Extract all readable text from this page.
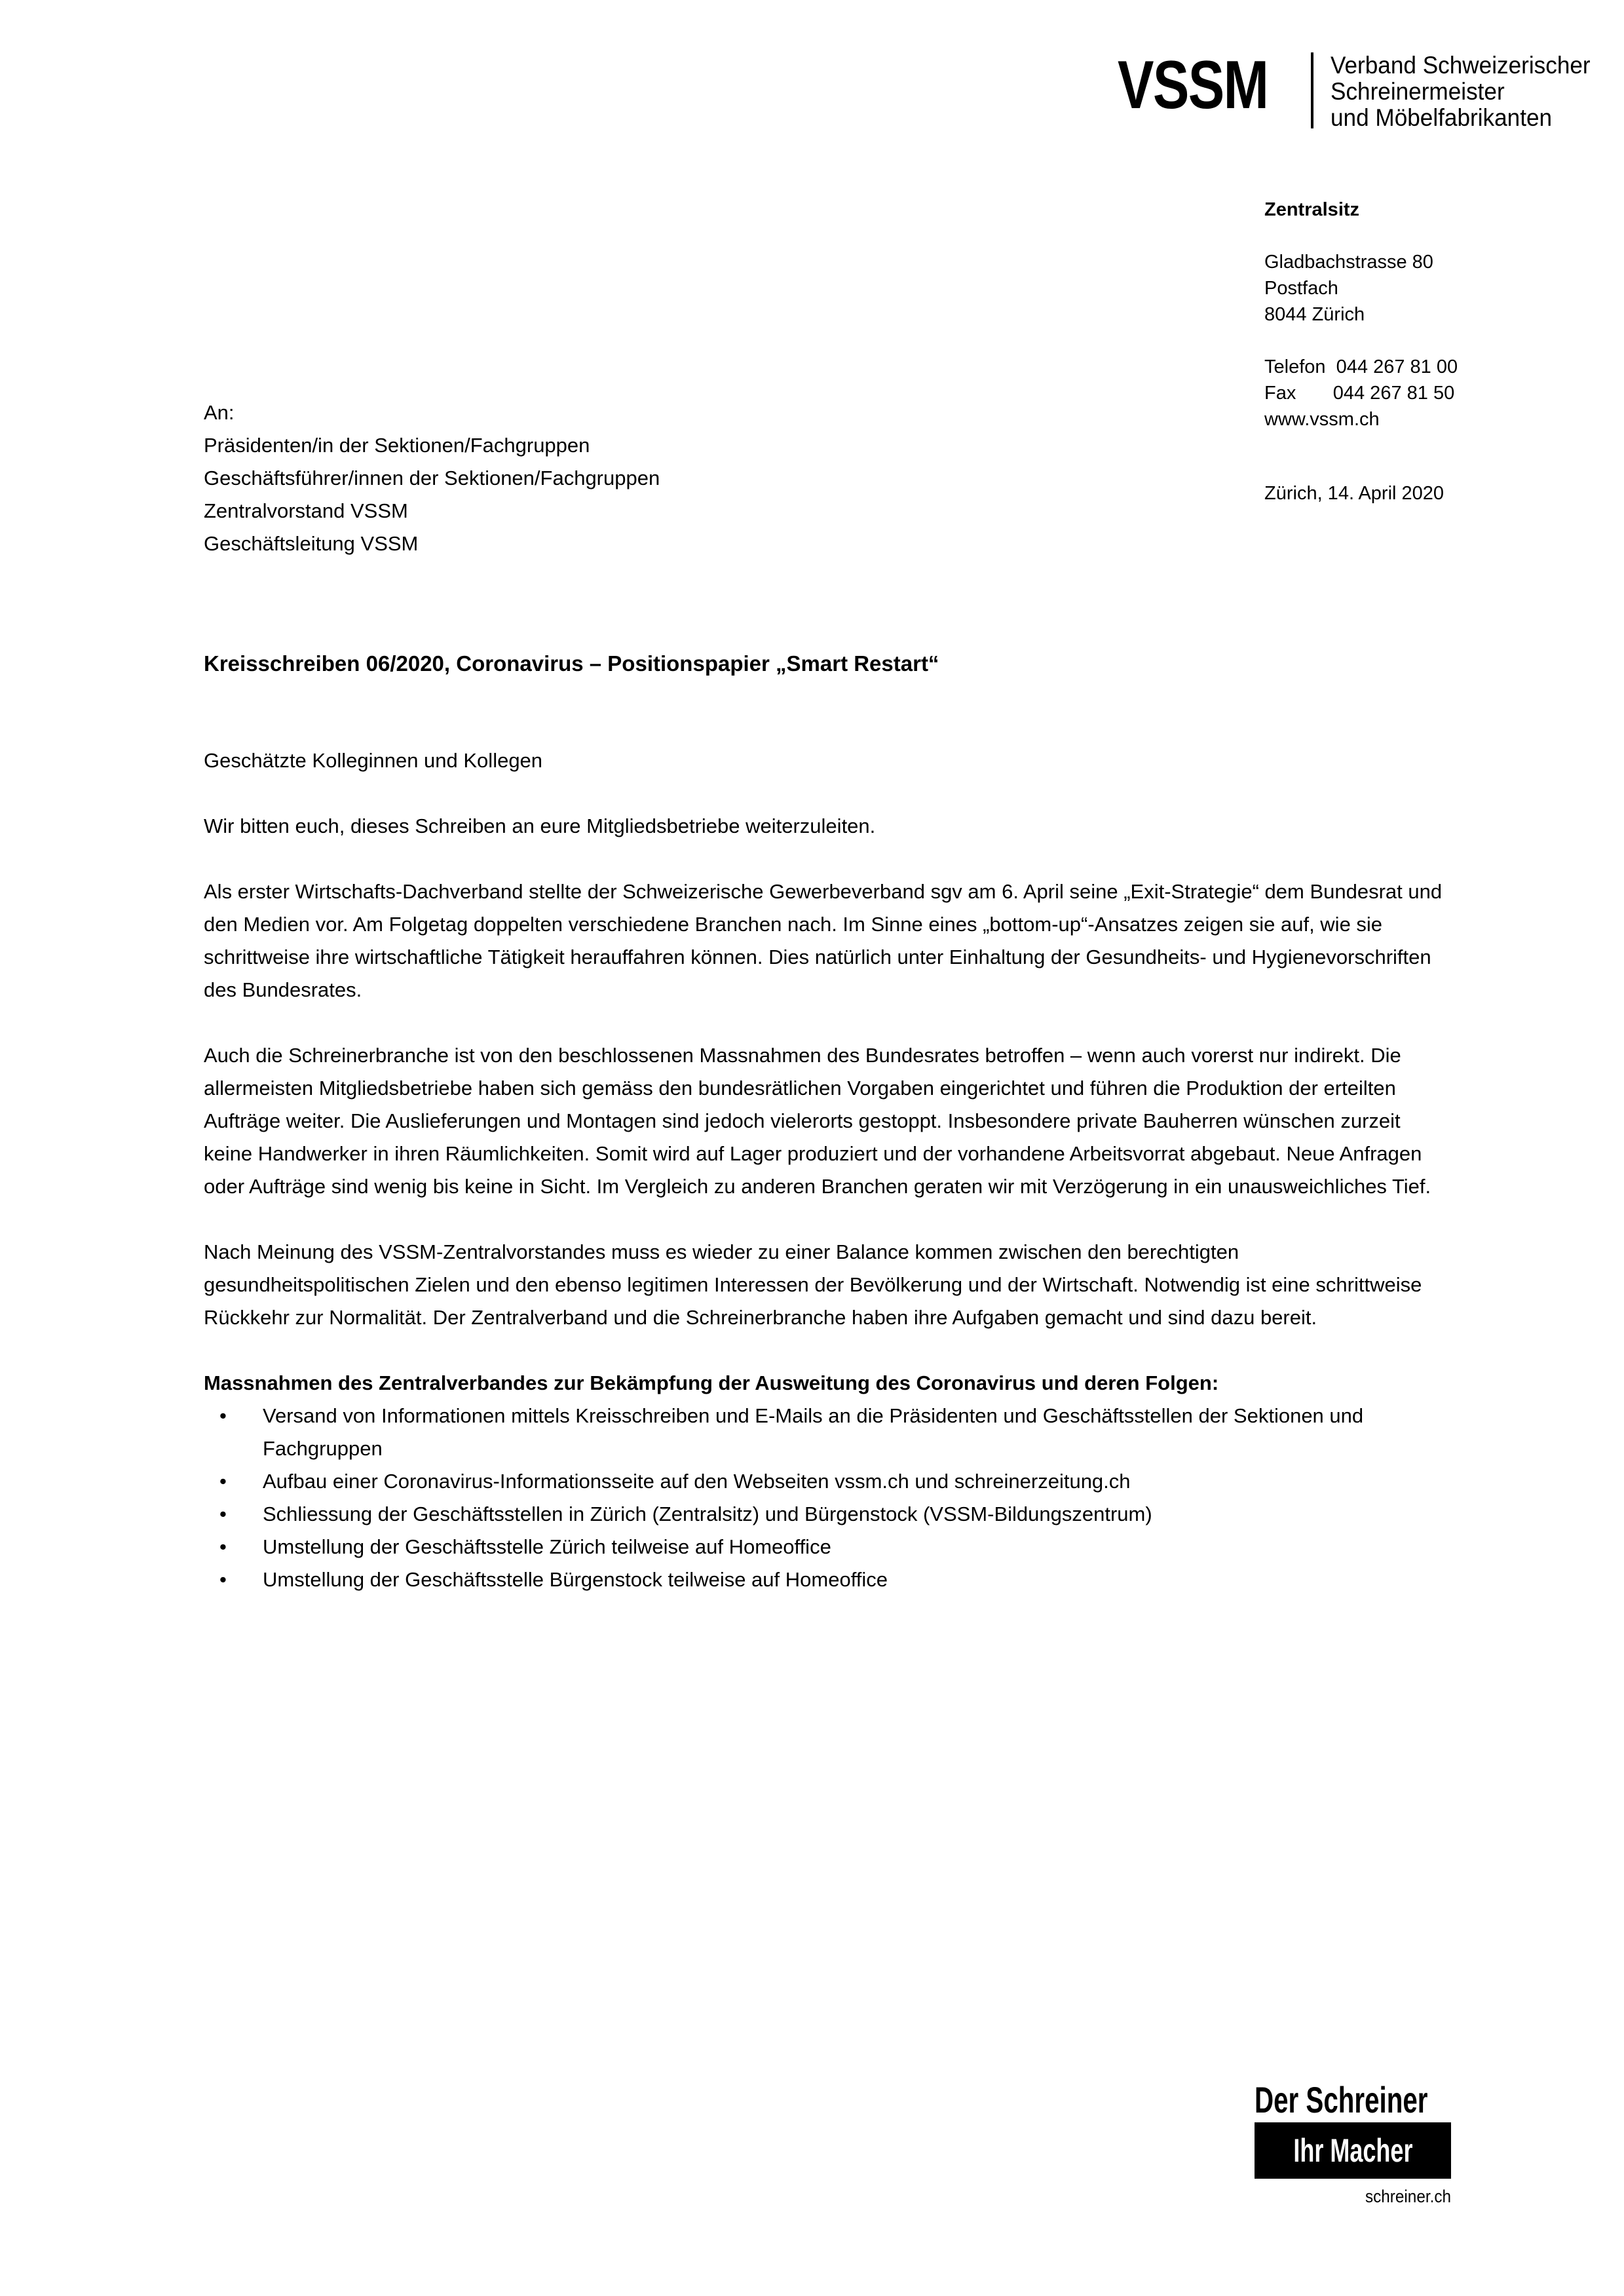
VSSM	Verband Schweizerischer
Schreinermeister
und Möbelfabrikanten
Zentralsitz
Gladbachstrasse 80
Postfach
8044 Zürich
Telefon  044 267 81 00
Fax       044 267 81 50
www.vssm.ch
Zürich, 14. April 2020
An:
Präsidenten/in der Sektionen/Fachgruppen
Geschäftsführer/innen der Sektionen/Fachgruppen
Zentralvorstand VSSM
Geschäftsleitung VSSM

Kreisschreiben 06/2020, Coronavirus – Positionspapier „Smart Restart“

Geschätzte Kolleginnen und Kollegen

Wir bitten euch, dieses Schreiben an eure Mitgliedsbetriebe weiterzuleiten.

Als erster Wirtschafts-Dachverband stellte der Schweizerische Gewerbeverband sgv am 6. April seine „Exit-Strategie“ dem Bundesrat und den Medien vor. Am Folgetag doppelten verschiedene Branchen nach. Im Sinne eines „bottom-up“-Ansatzes zeigen sie auf, wie sie schrittweise ihre wirtschaftliche Tätigkeit herauffahren können. Dies natürlich unter Einhaltung der Gesundheits- und Hygienevorschriften des Bundesrates.

Auch die Schreinerbranche ist von den beschlossenen Massnahmen des Bundesrates betroffen – wenn auch vorerst nur indirekt. Die allermeisten Mitgliedsbetriebe haben sich gemäss den bundesrätlichen Vorgaben eingerichtet und führen die Produktion der erteilten Aufträge weiter. Die Auslieferungen und Montagen sind jedoch vielerorts gestoppt. Insbesondere private Bauherren wünschen zurzeit keine Handwerker in ihren Räumlichkeiten. Somit wird auf Lager produziert und der vorhandene Arbeitsvorrat abgebaut. Neue Anfragen oder Aufträge sind wenig bis keine in Sicht. Im Vergleich zu anderen Branchen geraten wir mit Verzögerung in ein unausweichliches Tief.

Nach Meinung des VSSM-Zentralvorstandes muss es wieder zu einer Balance kommen zwischen den berechtigten gesundheitspolitischen Zielen und den ebenso legitimen Interessen der Bevölkerung und der Wirtschaft. Notwendig ist eine schrittweise Rückkehr zur Normalität. Der Zentralverband und die Schreinerbranche haben ihre Aufgaben gemacht und sind dazu bereit.

Massnahmen des Zentralverbandes zur Bekämpfung der Ausweitung des Coronavirus und deren Folgen:

• Versand von Informationen mittels Kreisschreiben und E-Mails an die Präsidenten und Geschäftsstellen der Sektionen und Fachgruppen
• Aufbau einer Coronavirus-Informationsseite auf den Webseiten vssm.ch und schreinerzeitung.ch
• Schliessung der Geschäftsstellen in Zürich (Zentralsitz) und Bürgenstock (VSSM-Bildungszentrum)
• Umstellung der Geschäftsstelle Zürich teilweise auf Homeoffice
• Umstellung der Geschäftsstelle Bürgenstock teilweise auf Homeoffice
Der Schreiner
Ihr Macher
schreiner.ch
